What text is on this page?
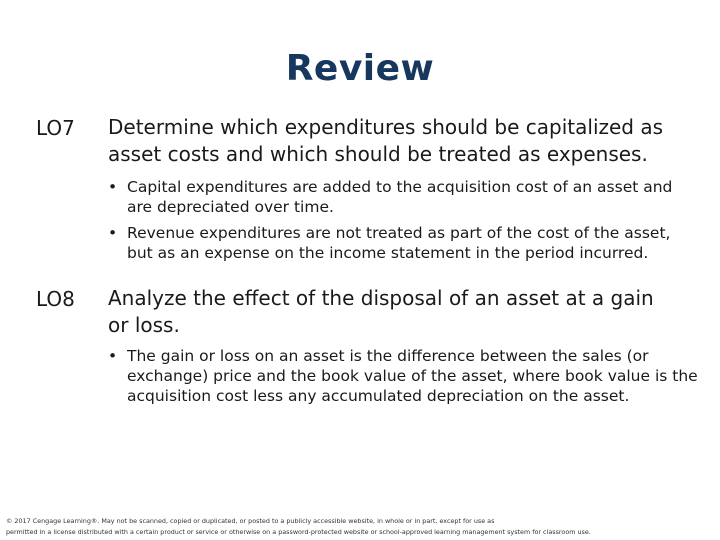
Review
LO7 Determine which expenditures should be capitalized as asset costs and which should be treated as expenses.
• Capital expenditures are added to the acquisition cost of an asset and are depreciated over time.
• Revenue expenditures are not treated as part of the cost of the asset, but as an expense on the income statement in the period incurred.
LO8 Analyze the effect of the disposal of an asset at a gain or loss.
• The gain or loss on an asset is the difference between the sales (or exchange) price and the book value of the asset, where book value is the acquisition cost less any accumulated depreciation on the asset.
© 2017 Cengage Learning®. May not be scanned, copied or duplicated, or posted to a publicly accessible website, in whole or in part, except for use as
permitted in a license distributed with a certain product or service or otherwise on a password-protected website or school-approved learning management system for classroom use.
